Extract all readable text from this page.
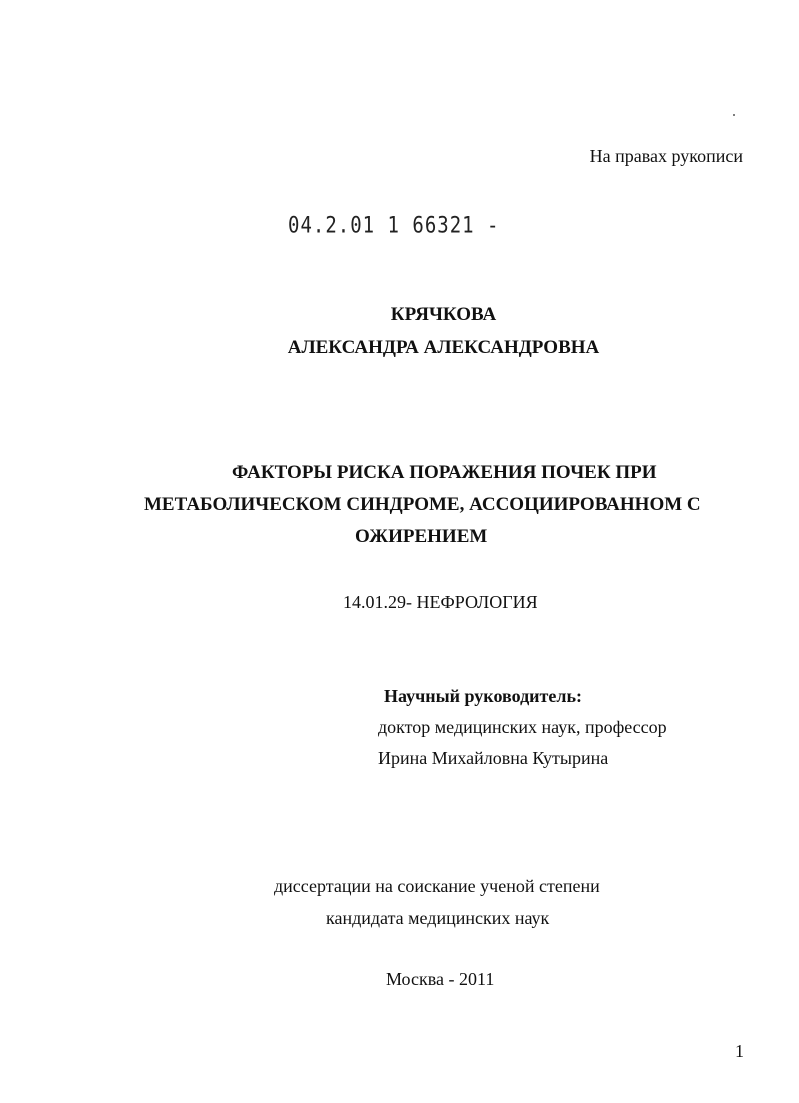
На правах рукописи
04.2.01 1 66321 -
КРЯЧКОВА
АЛЕКСАНДРА АЛЕКСАНДРОВНА
ФАКТОРЫ РИСКА ПОРАЖЕНИЯ ПОЧЕК ПРИ
МЕТАБОЛИЧЕСКОМ СИНДРОМЕ, АССОЦИИРОВАННОМ С
ОЖИРЕНИЕМ
14.01.29- НЕФРОЛОГИЯ
Научный руководитель:
доктор медицинских наук, профессор
Ирина Михайловна Кутырина
диссертации на соискание ученой степени
кандидата медицинских наук
Москва - 2011
1
